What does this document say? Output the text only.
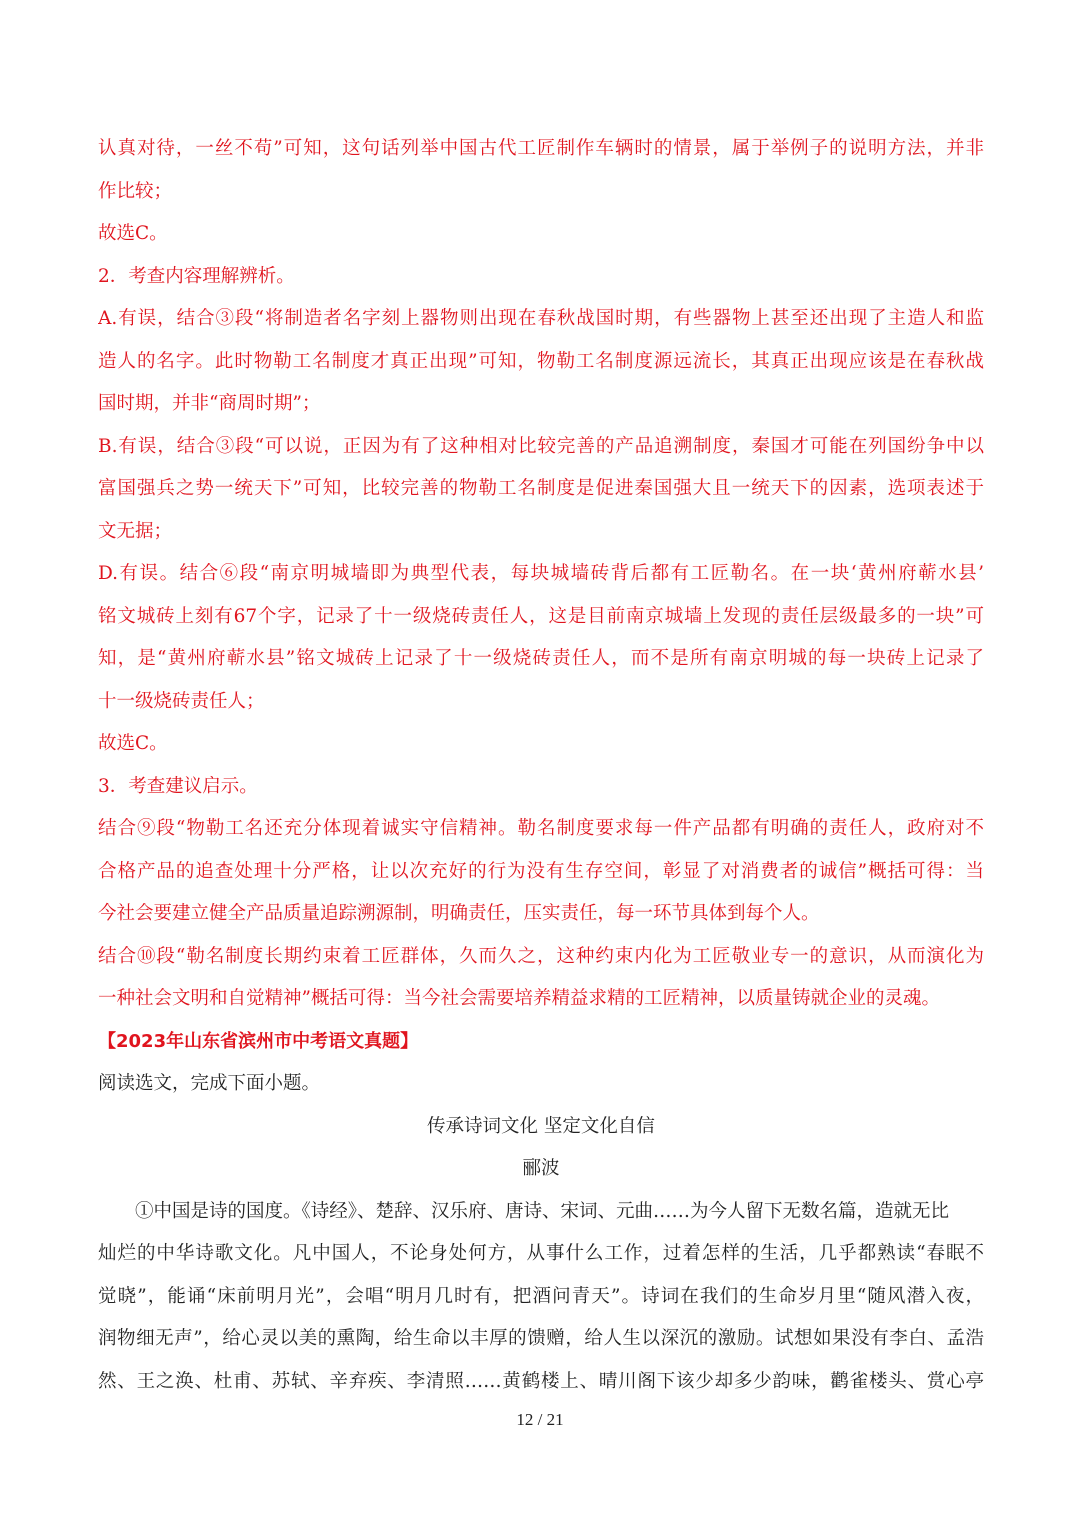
认真对待，一丝不苟”可知，这句话列举中国古代工匠制作车辆时的情景，属于举例子的说明方法，并非
作比较；
故选C。
2．考查内容理解辨析。
A.有误，结合③段“将制造者名字刻上器物则出现在春秋战国时期，有些器物上甚至还出现了主造人和监
造人的名字。此时物勒工名制度才真正出现”可知，物勒工名制度源远流长，其真正出现应该是在春秋战
国时期，并非“商周时期”；
B.有误，结合③段“可以说，正因为有了这种相对比较完善的产品追溯制度，秦国才可能在列国纷争中以
富国强兵之势一统天下”可知，比较完善的物勒工名制度是促进秦国强大且一统天下的因素，选项表述于
文无据；
D.有误。结合⑥段“南京明城墙即为典型代表，每块城墙砖背后都有工匠勒名。在一块‘黄州府蕲水县’
铭文城砖上刻有67个字，记录了十一级烧砖责任人，这是目前南京城墙上发现的责任层级最多的一块”可
知，是“黄州府蕲水县”铭文城砖上记录了十一级烧砖责任人，而不是所有南京明城的每一块砖上记录了
十一级烧砖责任人；
故选C。
3．考查建议启示。
结合⑨段“物勒工名还充分体现着诚实守信精神。勒名制度要求每一件产品都有明确的责任人，政府对不
合格产品的追查处理十分严格，让以次充好的行为没有生存空间，彰显了对消费者的诚信”概括可得：当
今社会要建立健全产品质量追踪溯源制，明确责任，压实责任，每一环节具体到每个人。
结合⑩段“勒名制度长期约束着工匠群体，久而久之，这种约束内化为工匠敬业专一的意识，从而演化为
一种社会文明和自觉精神”概括可得：当今社会需要培养精益求精的工匠精神，以质量铸就企业的灵魂。
【2023年山东省滨州市中考语文真题】
阅读选文，完成下面小题。
传承诗词文化 坚定文化自信
郦波
①中国是诗的国度。《诗经》、楚辞、汉乐府、唐诗、宋词、元曲……为今人留下无数名篇，造就无比
灿烂的中华诗歌文化。凡中国人，不论身处何方，从事什么工作，过着怎样的生活，几乎都熟读“春眠不
觉晓”，能诵“床前明月光”，会唱“明月几时有，把酒问青天”。诗词在我们的生命岁月里“随风潜入夜，
润物细无声”，给心灵以美的熏陶，给生命以丰厚的馈赠，给人生以深沉的激励。试想如果没有李白、孟浩
然、王之涣、杜甫、苏轼、辛弃疾、李清照……黄鹤楼上、晴川阁下该少却多少韵味，鹳雀楼头、赏心亭
12 / 21
